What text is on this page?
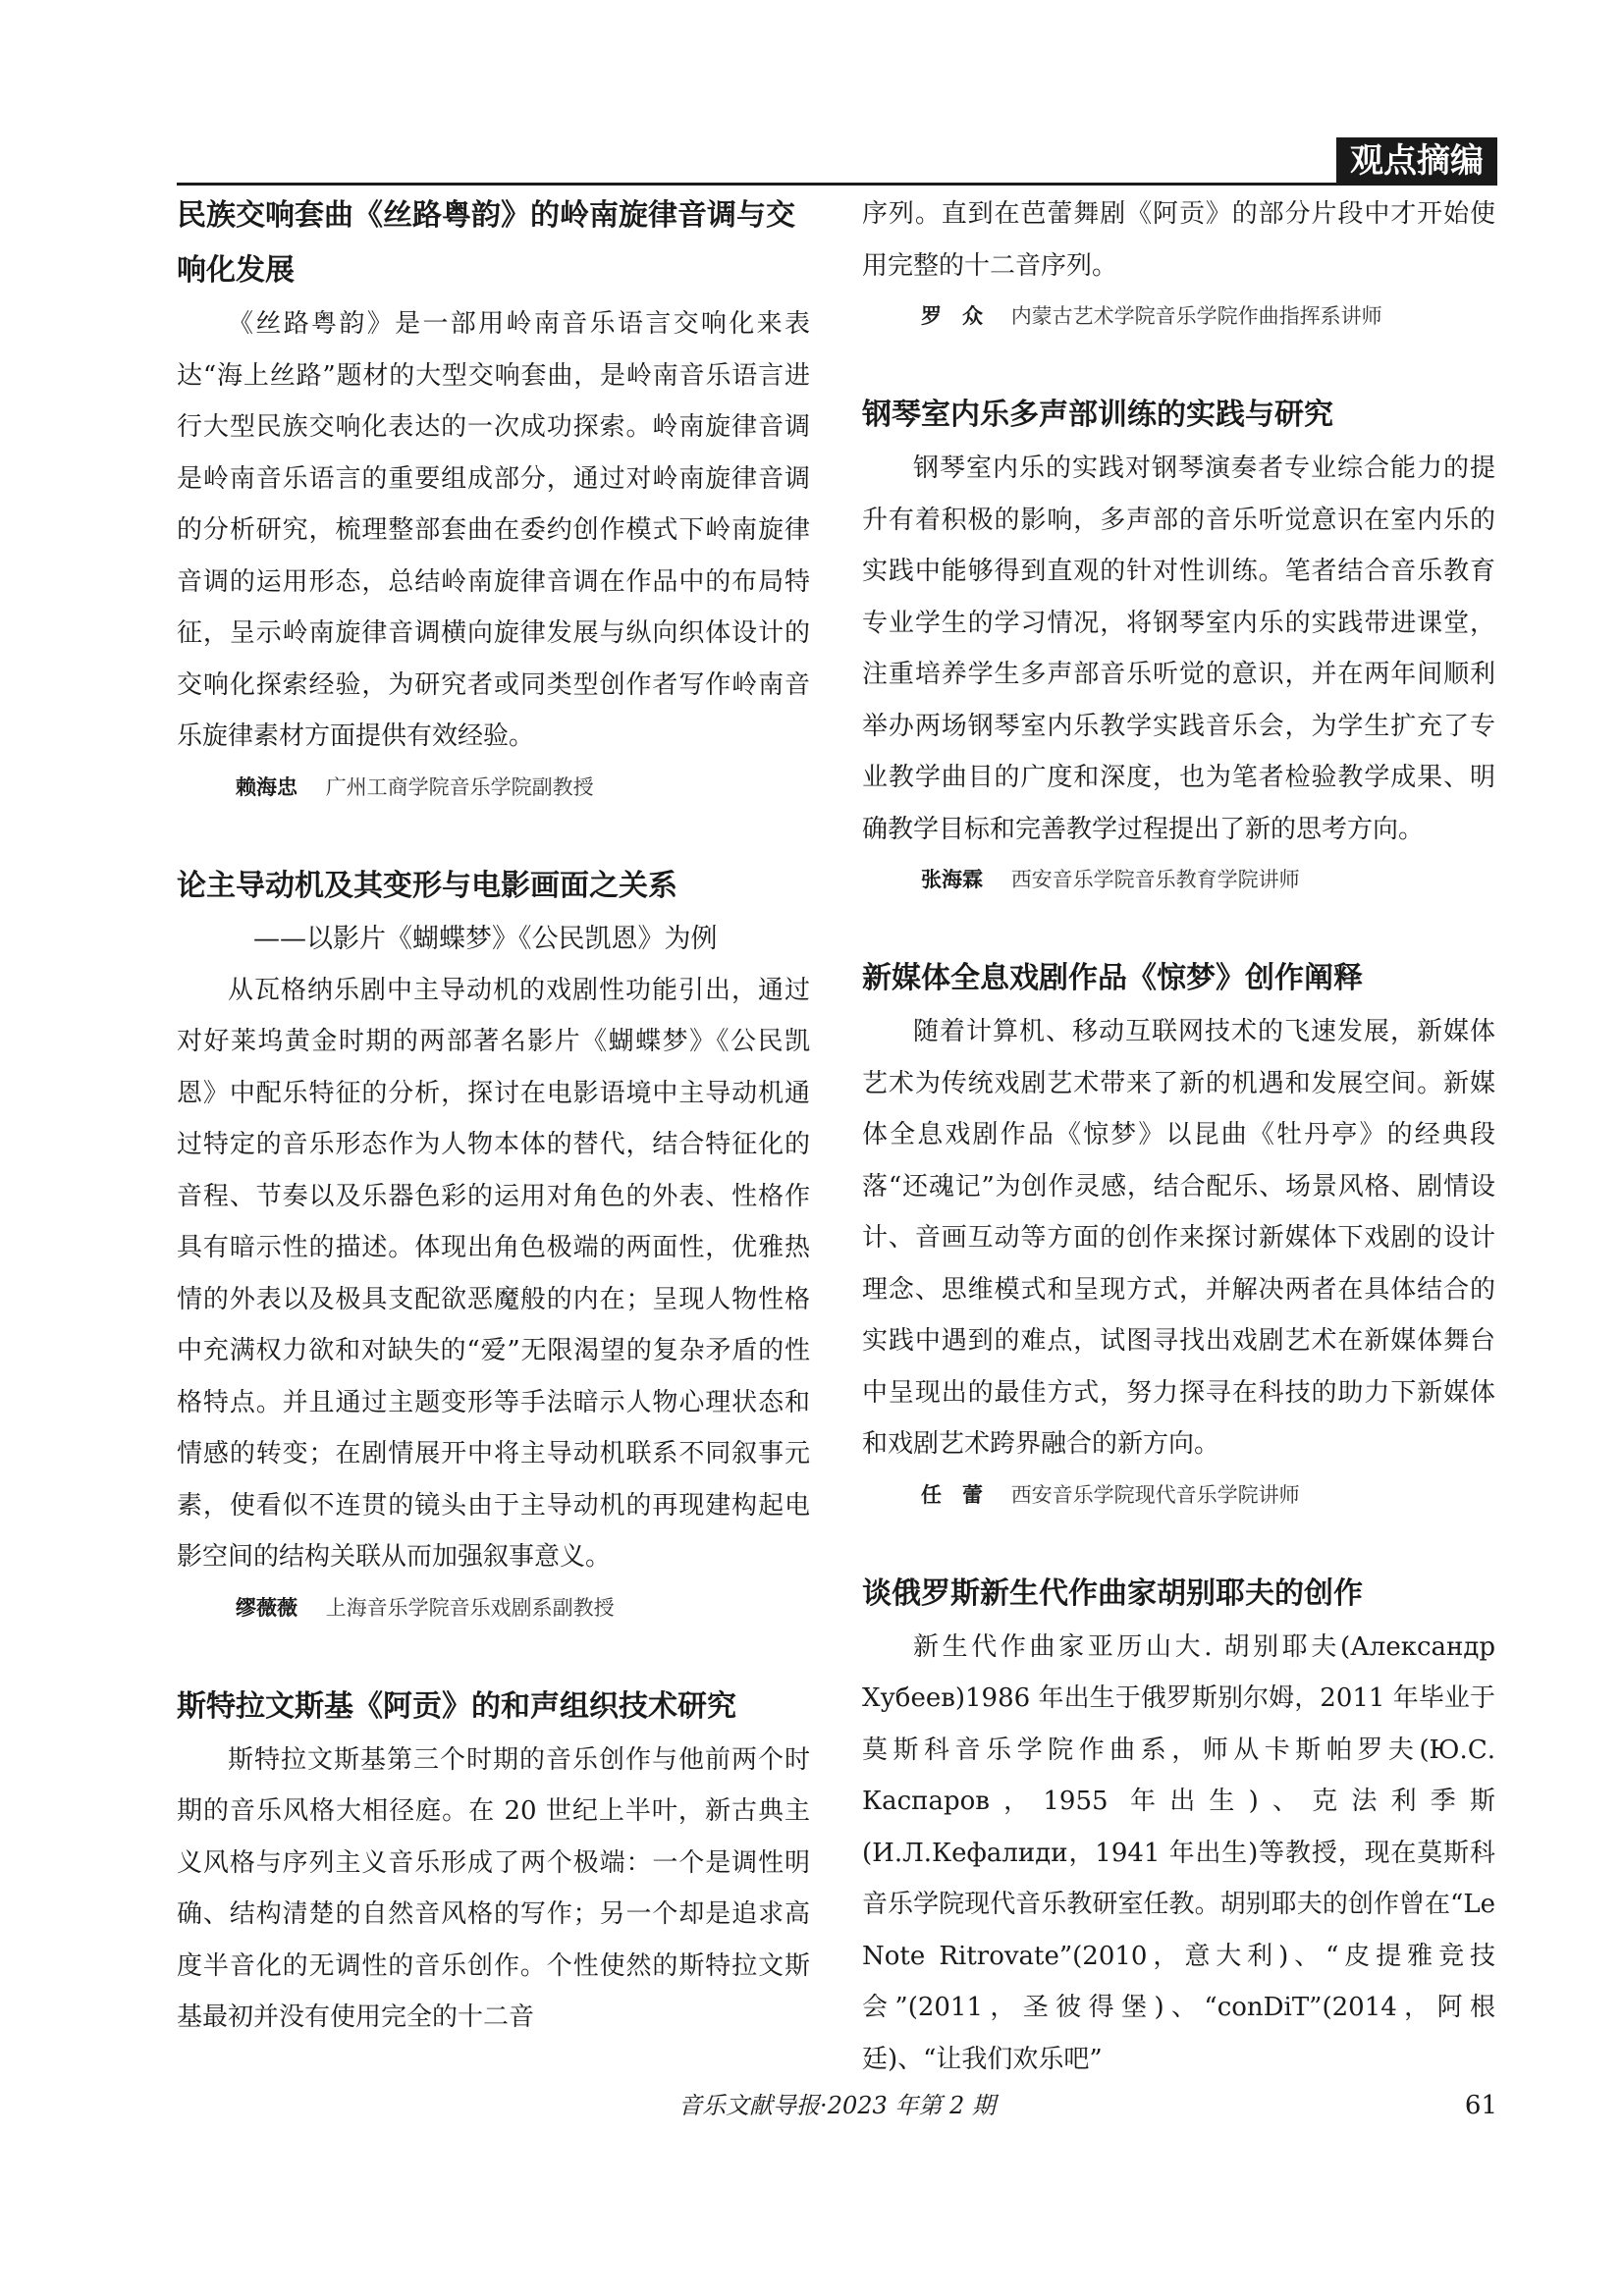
观点摘编
民族交响套曲《丝路粤韵》的岭南旋律音调与交响化发展

《丝路粤韵》是一部用岭南音乐语言交响化来表达“海上丝路”题材的大型交响套曲，是岭南音乐语言进行大型民族交响化表达的一次成功探索。岭南旋律音调是岭南音乐语言的重要组成部分，通过对岭南旋律音调的分析研究，梳理整部套曲在委约创作模式下岭南旋律音调的运用形态，总结岭南旋律音调在作品中的布局特征，呈示岭南旋律音调横向旋律发展与纵向织体设计的交响化探索经验，为研究者或同类型创作者写作岭南音乐旋律素材方面提供有效经验。

赖海忠 广州工商学院音乐学院副教授
论主导动机及其变形与电影画面之关系

——以影片《蝴蝶梦》《公民凯恩》为例

从瓦格纳乐剧中主导动机的戏剧性功能引出，通过对好莱坞黄金时期的两部著名影片《蝴蝶梦》《公民凯恩》中配乐特征的分析，探讨在电影语境中主导动机通过特定的音乐形态作为人物本体的替代，结合特征化的音程、节奏以及乐器色彩的运用对角色的外表、性格作具有暗示性的描述。体现出角色极端的两面性，优雅热情的外表以及极具支配欲恶魔般的内在；呈现人物性格中充满权力欲和对缺失的“爱”无限渴望的复杂矛盾的性格特点。并且通过主题变形等手法暗示人物心理状态和情感的转变；在剧情展开中将主导动机联系不同叙事元素，使看似不连贯的镜头由于主导动机的再现建构起电影空间的结构关联从而加强叙事意义。

缪薇薇 上海音乐学院音乐戏剧系副教授
斯特拉文斯基《阿贡》的和声组织技术研究

斯特拉文斯基第三个时期的音乐创作与他前两个时期的音乐风格大相径庭。在 20 世纪上半叶，新古典主义风格与序列主义音乐形成了两个极端：一个是调性明确、结构清楚的自然音风格的写作；另一个却是追求高度半音化的无调性的音乐创作。个性使然的斯特拉文斯基最初并没有使用完全的十二音

序列。直到在芭蕾舞剧《阿贡》的部分片段中才开始使用完整的十二音序列。

罗　众 内蒙古艺术学院音乐学院作曲指挥系讲师
钢琴室内乐多声部训练的实践与研究

钢琴室内乐的实践对钢琴演奏者专业综合能力的提升有着积极的影响，多声部的音乐听觉意识在室内乐的实践中能够得到直观的针对性训练。笔者结合音乐教育专业学生的学习情况，将钢琴室内乐的实践带进课堂，注重培养学生多声部音乐听觉的意识，并在两年间顺利举办两场钢琴室内乐教学实践音乐会，为学生扩充了专业教学曲目的广度和深度，也为笔者检验教学成果、明确教学目标和完善教学过程提出了新的思考方向。

张海霖 西安音乐学院音乐教育学院讲师
新媒体全息戏剧作品《惊梦》创作阐释

随着计算机、移动互联网技术的飞速发展，新媒体艺术为传统戏剧艺术带来了新的机遇和发展空间。新媒体全息戏剧作品《惊梦》以昆曲《牡丹亭》的经典段落“还魂记”为创作灵感，结合配乐、场景风格、剧情设计、音画互动等方面的创作来探讨新媒体下戏剧的设计理念、思维模式和呈现方式，并解决两者在具体结合的实践中遇到的难点，试图寻找出戏剧艺术在新媒体舞台中呈现出的最佳方式，努力探寻在科技的助力下新媒体和戏剧艺术跨界融合的新方向。

任　蕾 西安音乐学院现代音乐学院讲师
谈俄罗斯新生代作曲家胡别耶夫的创作

新生代作曲家亚历山大. 胡别耶夫(Александр Хубеев)1986 年出生于俄罗斯别尔姆，2011 年毕业于莫斯科音乐学院作曲系，师从卡斯帕罗夫(Ю.С. Каспаров，1955 年出生)、克法利季斯(И.Л.Кефалиди，1941 年出生)等教授，现在莫斯科音乐学院现代音乐教研室任教。胡别耶夫的创作曾在“Le Note Ritrovate”(2010，意大利)、“皮提雅竞技会”(2011，圣彼得堡)、“conDiT”(2014，阿根廷)、“让我们欢乐吧”

音乐文献导报·2023 年第 2 期	61
